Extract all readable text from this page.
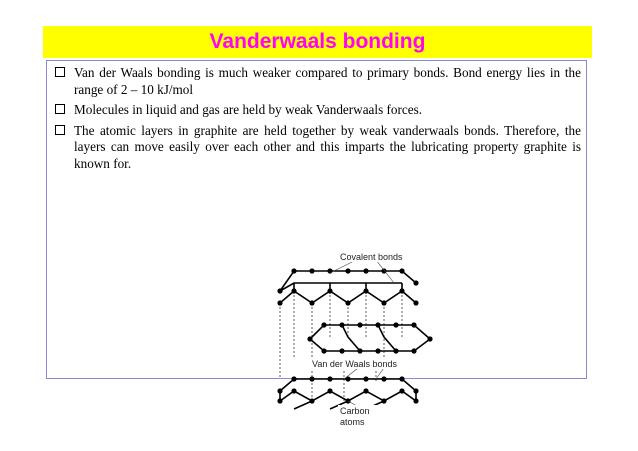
Vanderwaals bonding
Van der Waals bonding is much weaker compared to primary bonds. Bond energy lies in the range of 2 – 10 kJ/mol
Molecules in liquid and gas are held by weak Vanderwaals forces.
The atomic layers in graphite are held together by weak vanderwaals bonds. Therefore, the layers can move easily over each other and this imparts the lubricating property graphite is known for.
Covalent bonds
Van der Waals bonds
Carbon
atoms
